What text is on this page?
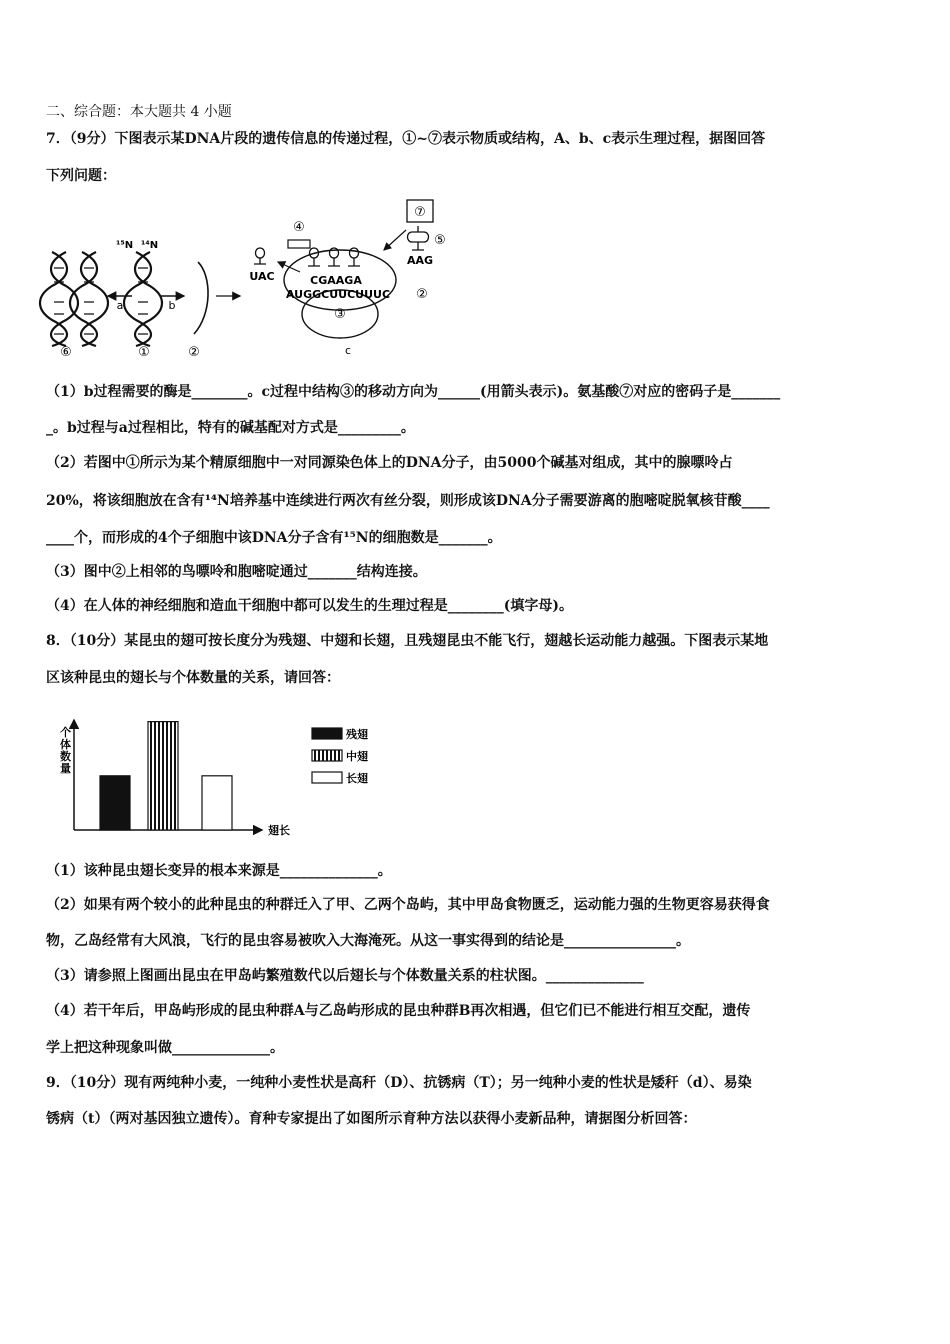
二、综合题：本大题共 4 小题
7．（9分）下图表示某DNA片段的遗传信息的传递过程，①~⑦表示物质或结构，A、b、c表示生理过程，据图回答
下列问题：
⑥
a
¹⁵N ¹⁴N
①
b
②
③
c
④
UAC
⑦
⑤
AAG
CGAAGA
AUGGCUUCUUUC ②
（1）b过程需要的酶是________。c过程中结构③的移动方向为______(用箭头表示)。氨基酸⑦对应的密码子是_______
_。b过程与a过程相比，特有的碱基配对方式是_________。
（2）若图中①所示为某个精原细胞中一对同源染色体上的DNA分子，由5000个碱基对组成，其中的腺嘌呤占
20%，将该细胞放在含有¹⁴N培养基中连续进行两次有丝分裂，则形成该DNA分子需要游离的胞嘧啶脱氧核苷酸____
____个，而形成的4个子细胞中该DNA分子含有¹⁵N的细胞数是_______。
（3）图中②上相邻的鸟嘌呤和胞嘧啶通过_______结构连接。
（4）在人体的神经细胞和造血干细胞中都可以发生的生理过程是________(填字母)。
8．（10分）某昆虫的翅可按长度分为残翅、中翅和长翅，且残翅昆虫不能飞行，翅越长运动能力越强。下图表示某地
区该种昆虫的翅长与个体数量的关系，请回答：
个体数量
翅长
残翅
中翅
长翅
（1）该种昆虫翅长变异的根本来源是______________。
（2）如果有两个较小的此种昆虫的种群迁入了甲、乙两个岛屿，其中甲岛食物匮乏，运动能力强的生物更容易获得食
物，乙岛经常有大风浪，飞行的昆虫容易被吹入大海淹死。从这一事实得到的结论是________________。
（3）请参照上图画出昆虫在甲岛屿繁殖数代以后翅长与个体数量关系的柱状图。______________
（4）若干年后，甲岛屿形成的昆虫种群A与乙岛屿形成的昆虫种群B再次相遇，但它们已不能进行相互交配，遗传
学上把这种现象叫做______________。
9．（10分）现有两纯种小麦，一纯种小麦性状是高秆（D）、抗锈病（T）；另一纯种小麦的性状是矮秆（d）、易染
锈病（t）（两对基因独立遗传）。育种专家提出了如图所示育种方法以获得小麦新品种，请据图分析回答：
